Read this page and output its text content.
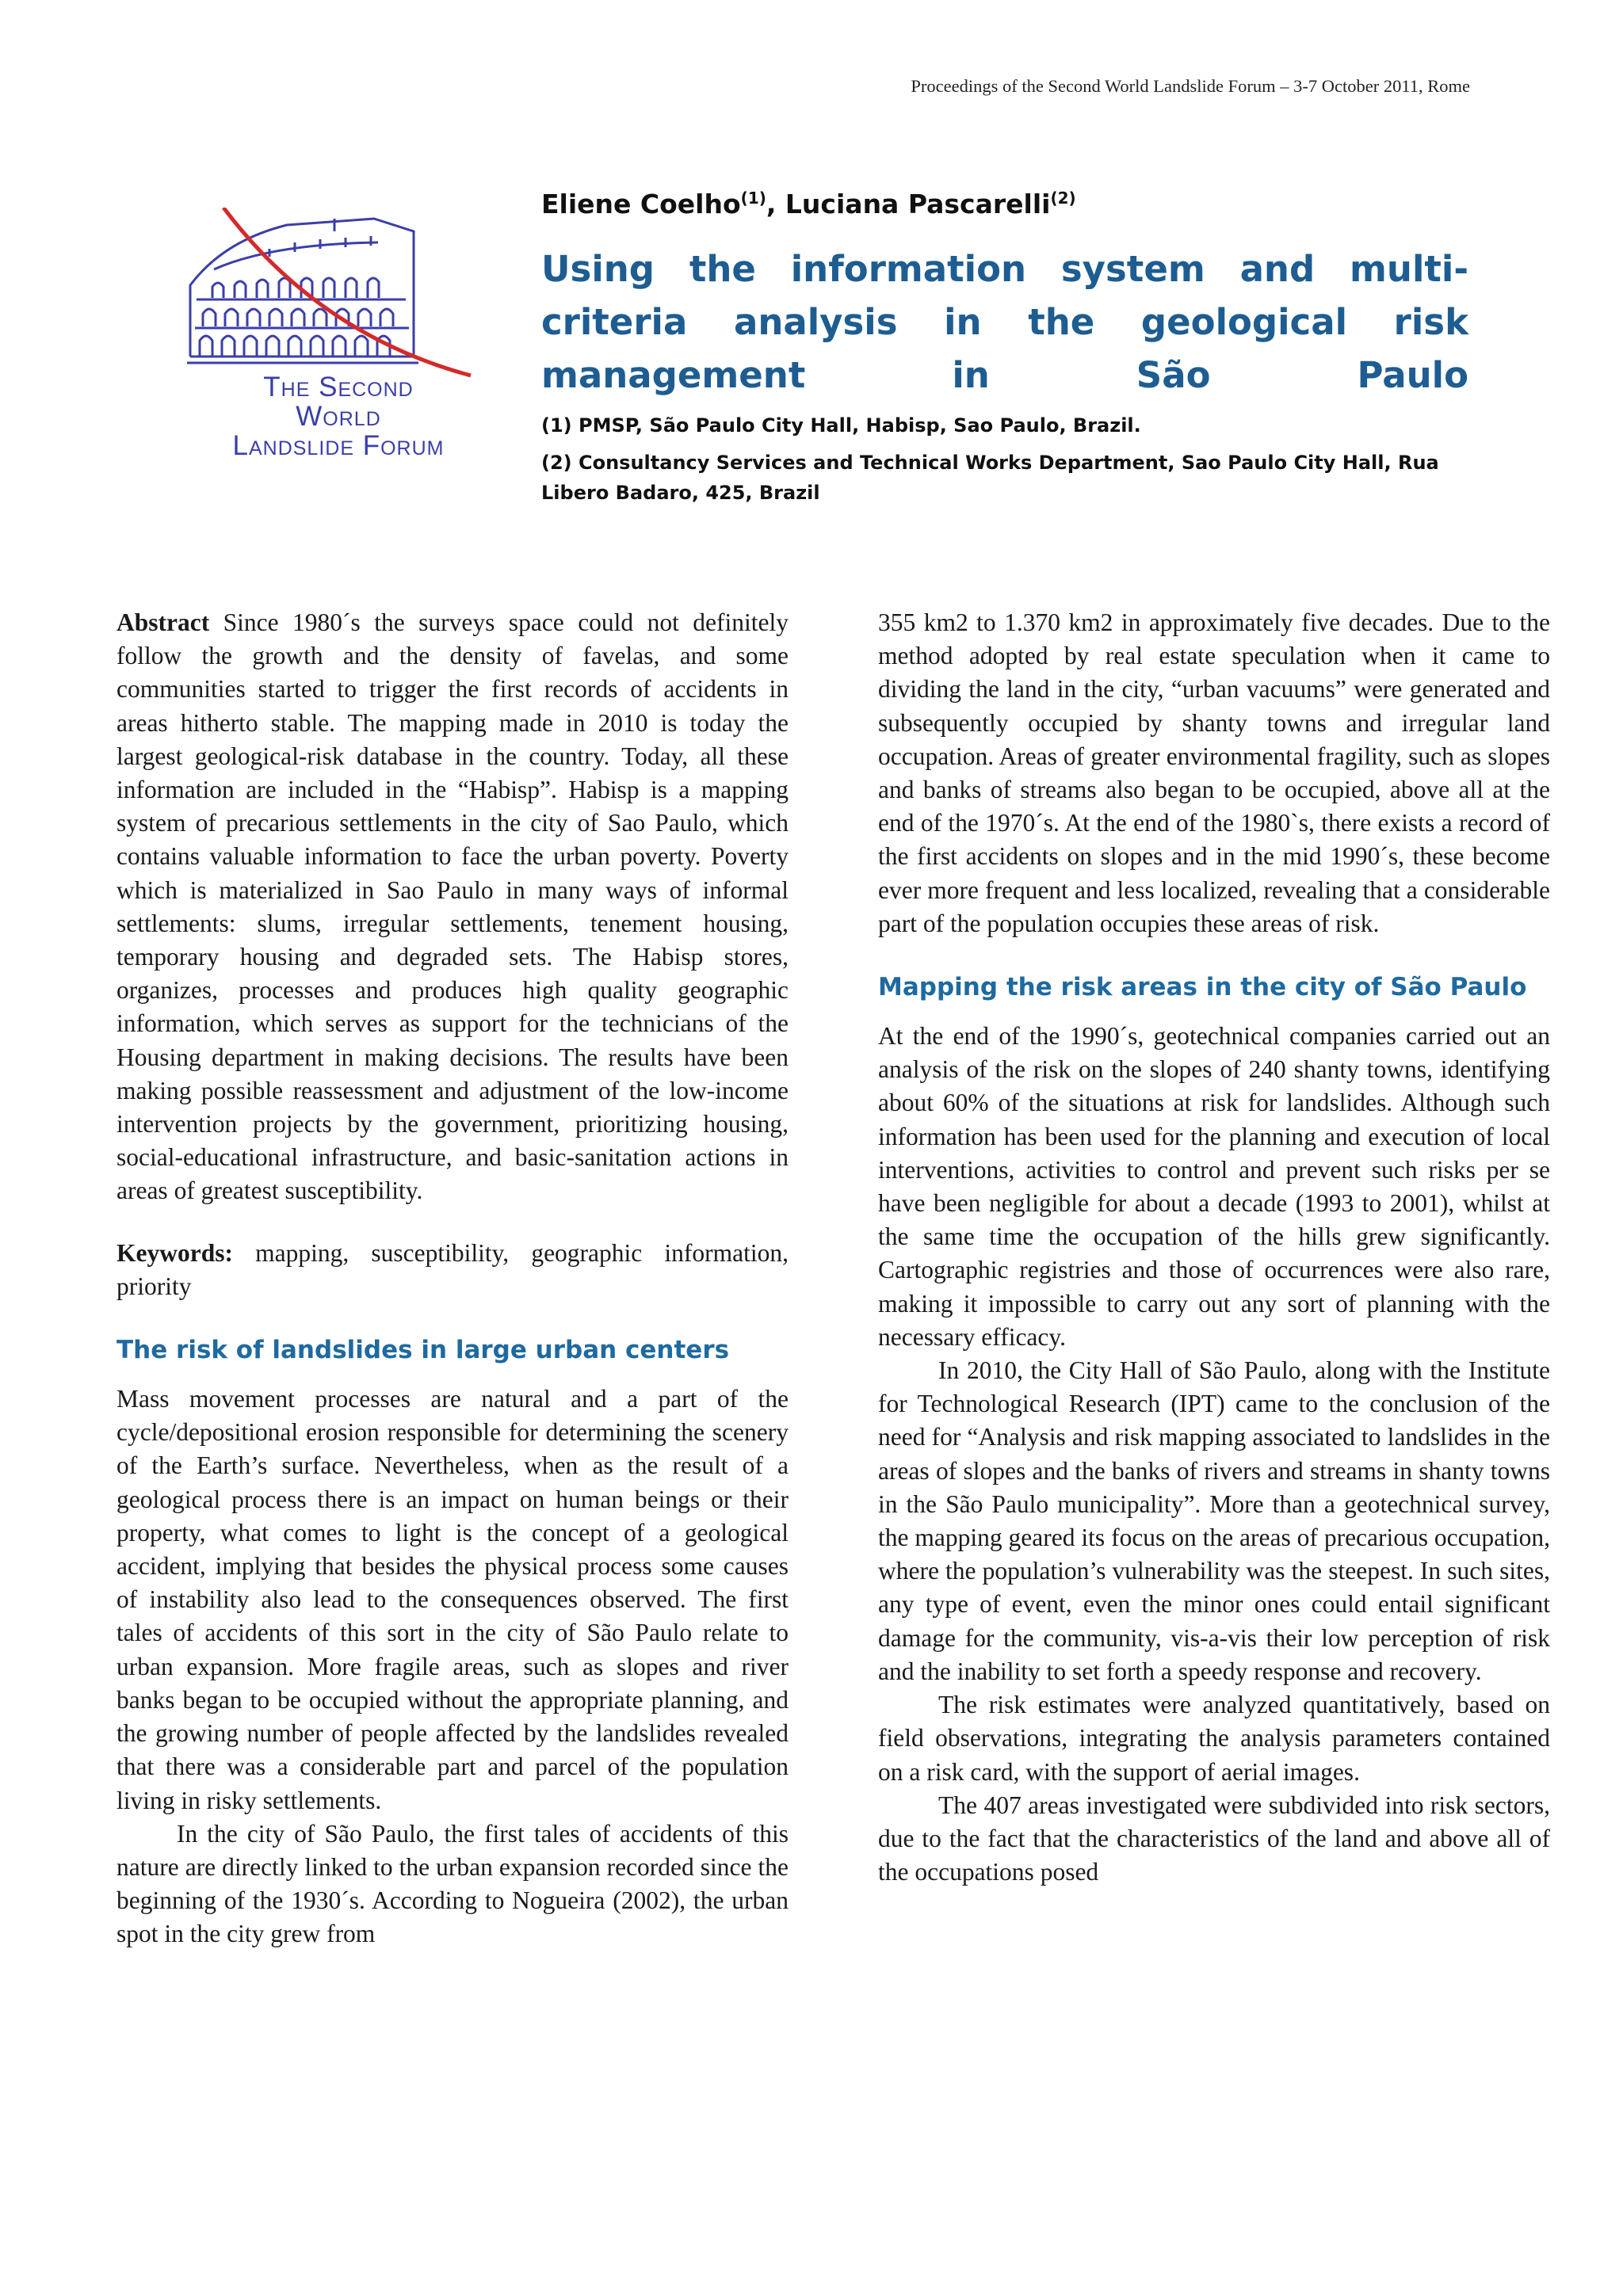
Proceedings of the Second World Landslide Forum – 3-7 October 2011, Rome
The Second
World
Landslide Forum
Eliene Coelho$^{(1)}$, Luciana Pascarelli$^{(2)}$
Using the information system and multi-criteria analysis in the geological risk management in São Paulo
(1) PMSP, São Paulo City Hall, Habisp, Sao Paulo, Brazil.
(2) Consultancy Services and Technical Works Department, Sao Paulo City Hall, Rua Libero Badaro, 425, Brazil

Abstract Since 1980´s the surveys space could not definitely follow the growth and the density of favelas, and some communities started to trigger the first records of accidents in areas hitherto stable. The mapping made in 2010 is today the largest geological-risk database in the country. Today, all these information are included in the “Habisp”. Habisp is a mapping system of precarious settlements in the city of Sao Paulo, which contains valuable information to face the urban poverty. Poverty which is materialized in Sao Paulo in many ways of informal settlements: slums, irregular settlements, tenement housing, temporary housing and degraded sets. The Habisp stores, organizes, processes and produces high quality geographic information, which serves as support for the technicians of the Housing department in making decisions. The results have been making possible reassessment and adjustment of the low-income intervention projects by the government, prioritizing housing, social-educational infrastructure, and basic-sanitation actions in areas of greatest susceptibility.

Keywords: mapping, susceptibility, geographic information, priority

The risk of landslides in large urban centers

Mass movement processes are natural and a part of the cycle/depositional erosion responsible for determining the scenery of the Earth’s surface. Nevertheless, when as the result of a geological process there is an impact on human beings or their property, what comes to light is the concept of a geological accident, implying that besides the physical process some causes of instability also lead to the consequences observed. The first tales of accidents of this sort in the city of São Paulo relate to urban expansion. More fragile areas, such as slopes and river banks began to be occupied without the appropriate planning, and the growing number of people affected by the landslides revealed that there was a considerable part and parcel of the population living in risky settlements.

In the city of São Paulo, the first tales of accidents of this nature are directly linked to the urban expansion recorded since the beginning of the 1930´s. According to Nogueira (2002), the urban spot in the city grew from

355 km2 to 1.370 km2 in approximately five decades. Due to the method adopted by real estate speculation when it came to dividing the land in the city, “urban vacuums” were generated and subsequently occupied by shanty towns and irregular land occupation. Areas of greater environmental fragility, such as slopes and banks of streams also began to be occupied, above all at the end of the 1970´s. At the end of the 1980`s, there exists a record of the first accidents on slopes and in the mid 1990´s, these become ever more frequent and less localized, revealing that a considerable part of the population occupies these areas of risk.

Mapping the risk areas in the city of São Paulo

At the end of the 1990´s, geotechnical companies carried out an analysis of the risk on the slopes of 240 shanty towns, identifying about 60% of the situations at risk for landslides. Although such information has been used for the planning and execution of local interventions, activities to control and prevent such risks per se have been negligible for about a decade (1993 to 2001), whilst at the same time the occupation of the hills grew significantly. Cartographic registries and those of occurrences were also rare, making it impossible to carry out any sort of planning with the necessary efficacy.

In 2010, the City Hall of São Paulo, along with the Institute for Technological Research (IPT) came to the conclusion of the need for “Analysis and risk mapping associated to landslides in the areas of slopes and the banks of rivers and streams in shanty towns in the São Paulo municipality”. More than a geotechnical survey, the mapping geared its focus on the areas of precarious occupation, where the population’s vulnerability was the steepest. In such sites, any type of event, even the minor ones could entail significant damage for the community, vis-a-vis their low perception of risk and the inability to set forth a speedy response and recovery.

The risk estimates were analyzed quantitatively, based on field observations, integrating the analysis parameters contained on a risk card, with the support of aerial images.

The 407 areas investigated were subdivided into risk sectors, due to the fact that the characteristics of the land and above all of the occupations posed
